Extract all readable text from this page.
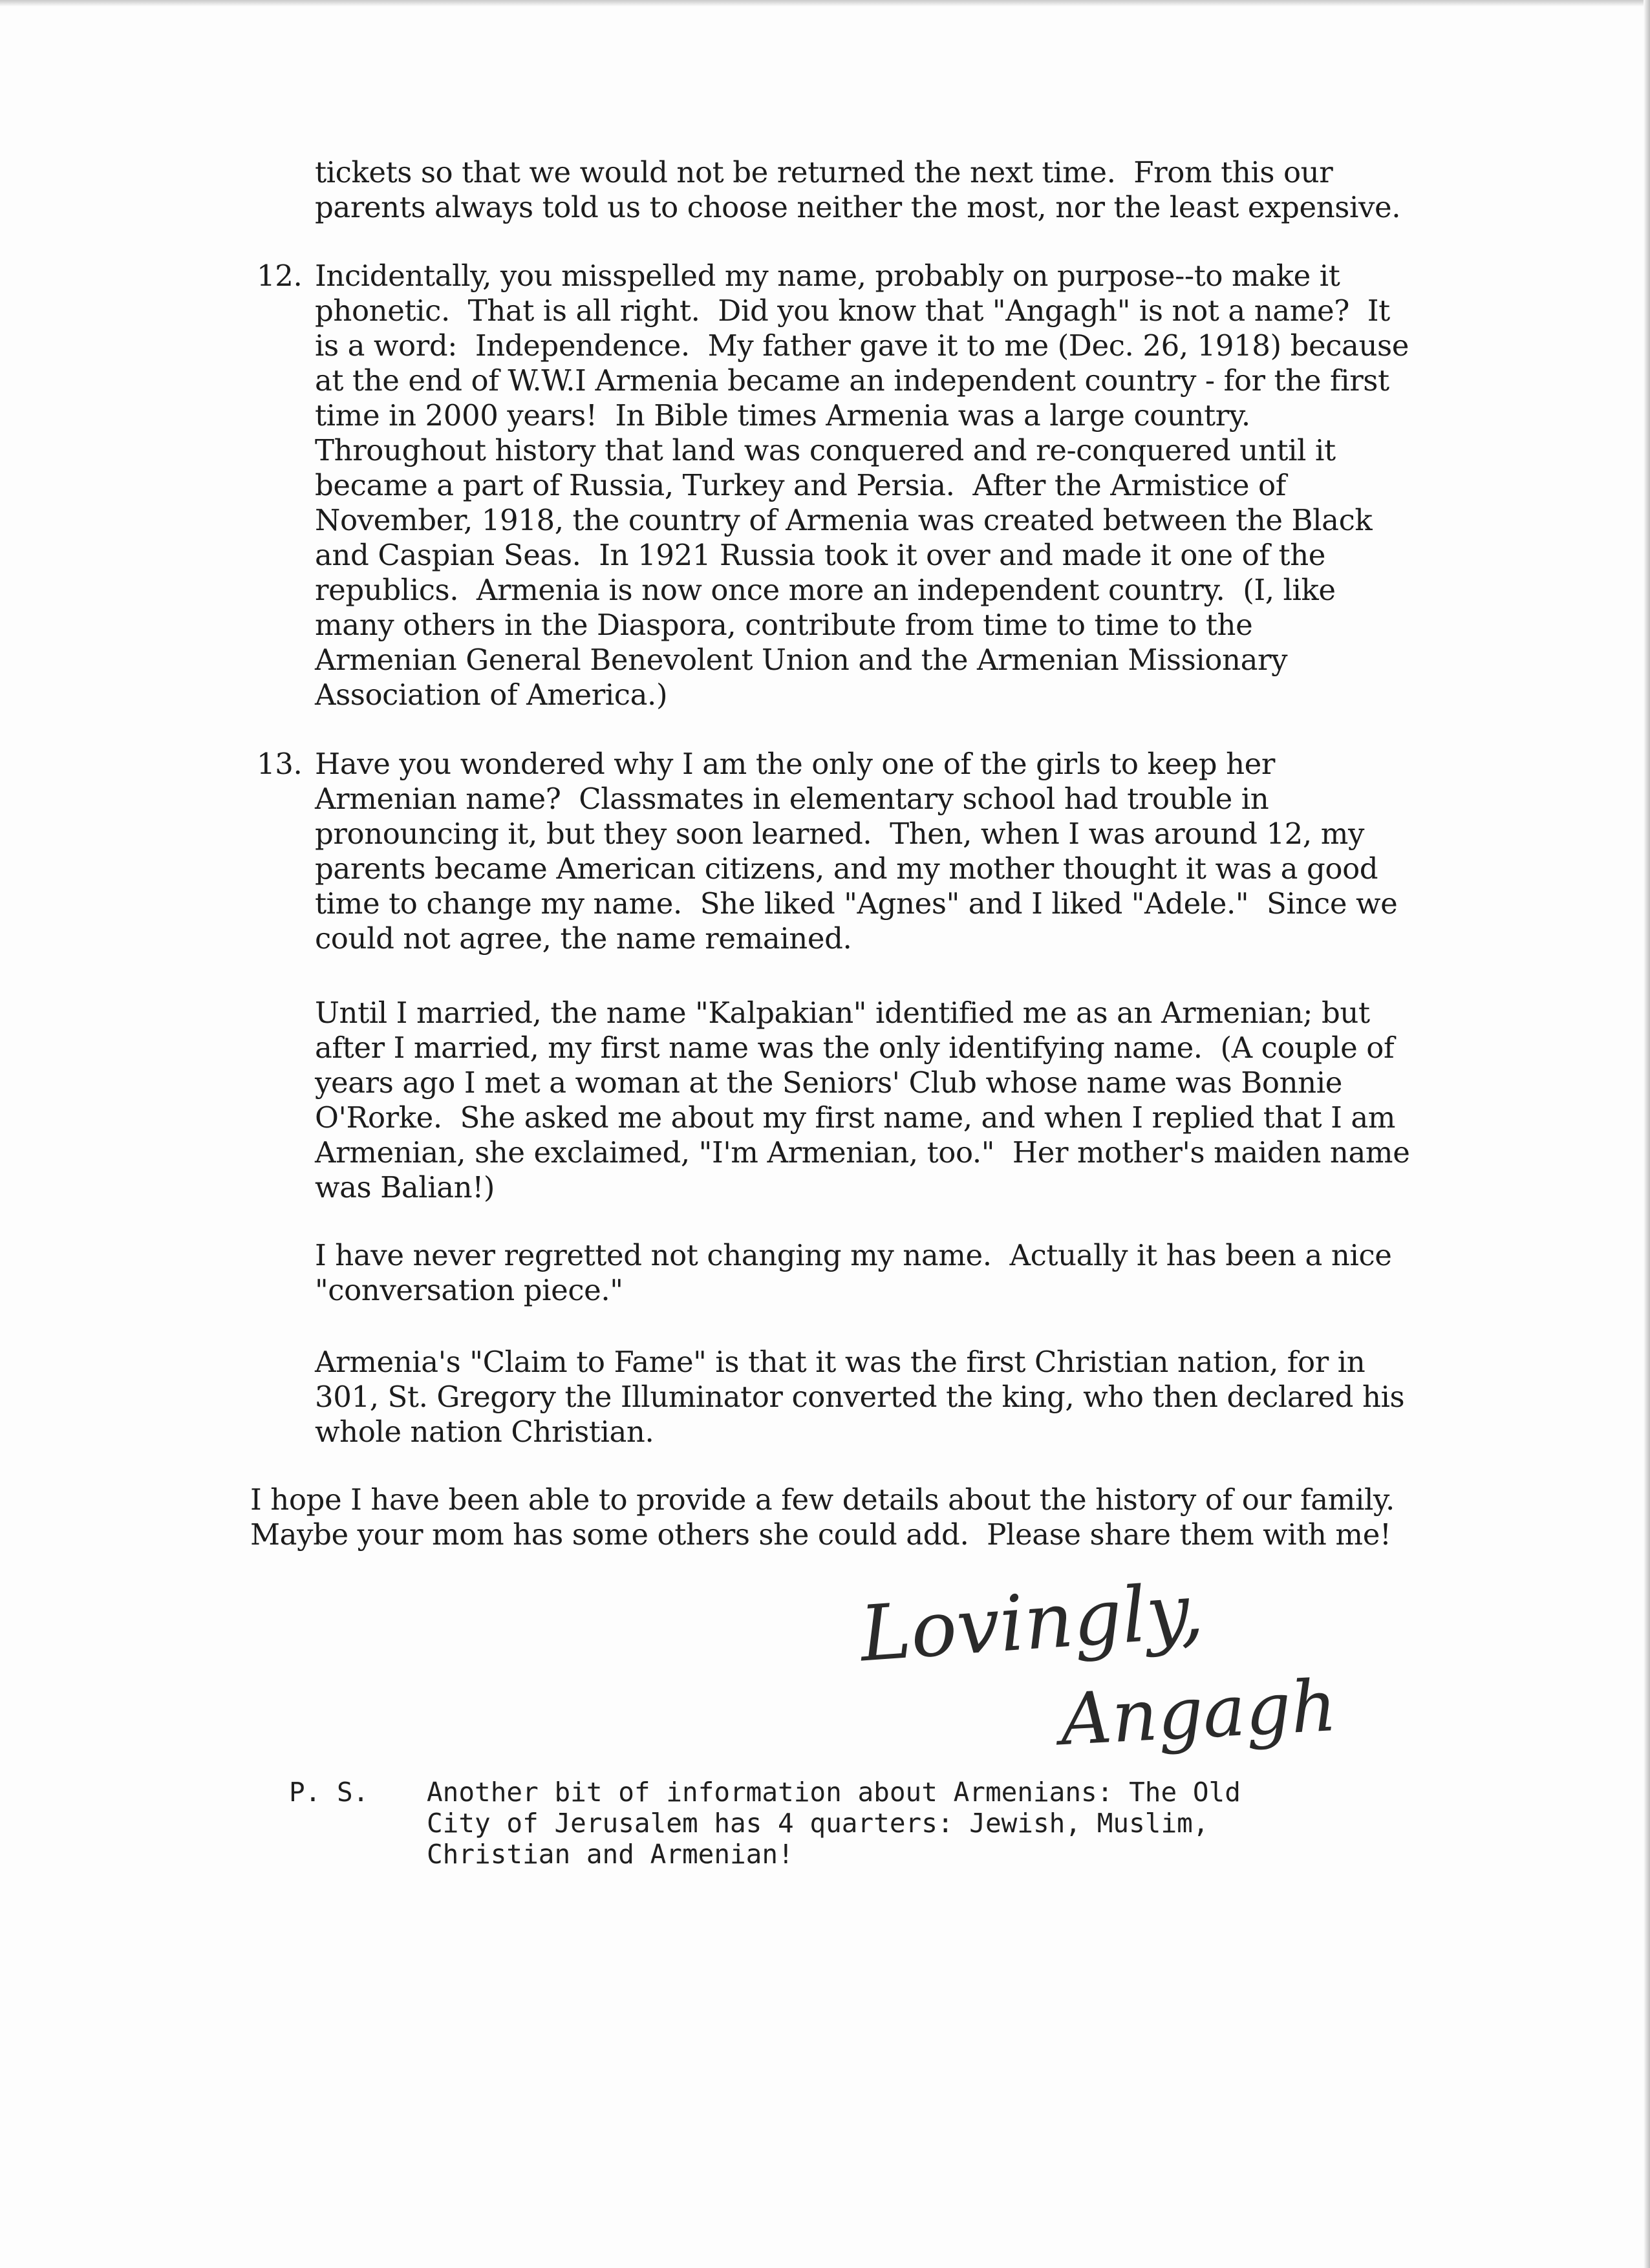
tickets so that we would not be returned the next time.  From this our
parents always told us to choose neither the most, nor the least expensive.
12. Incidentally, you misspelled my name, probably on purpose--to make it
phonetic.  That is all right.  Did you know that "Angagh" is not a name?  It
is a word:  Independence.  My father gave it to me (Dec. 26, 1918) because
at the end of W.W.I Armenia became an independent country - for the first
time in 2000 years!  In Bible times Armenia was a large country.
Throughout history that land was conquered and re-conquered until it
became a part of Russia, Turkey and Persia.  After the Armistice of
November, 1918, the country of Armenia was created between the Black
and Caspian Seas.  In 1921 Russia took it over and made it one of the
republics.  Armenia is now once more an independent country.  (I, like
many others in the Diaspora, contribute from time to time to the
Armenian General Benevolent Union and the Armenian Missionary
Association of America.)
13. Have you wondered why I am the only one of the girls to keep her
Armenian name?  Classmates in elementary school had trouble in
pronouncing it, but they soon learned.  Then, when I was around 12, my
parents became American citizens, and my mother thought it was a good
time to change my name.  She liked "Agnes" and I liked "Adele."  Since we
could not agree, the name remained.
Until I married, the name "Kalpakian" identified me as an Armenian; but
after I married, my first name was the only identifying name.  (A couple of
years ago I met a woman at the Seniors' Club whose name was Bonnie
O'Rorke.  She asked me about my first name, and when I replied that I am
Armenian, she exclaimed, "I'm Armenian, too."  Her mother's maiden name
was Balian!)
I have never regretted not changing my name.  Actually it has been a nice
"conversation piece."
Armenia's "Claim to Fame" is that it was the first Christian nation, for in
301, St. Gregory the Illuminator converted the king, who then declared his
whole nation Christian.
I hope I have been able to provide a few details about the history of our family.
Maybe your mom has some others she could add.  Please share them with me!
Lovingly,
Angagh
P. S. Another bit of information about Armenians: The Old
City of Jerusalem has 4 quarters: Jewish, Muslim,
Christian and Armenian!
